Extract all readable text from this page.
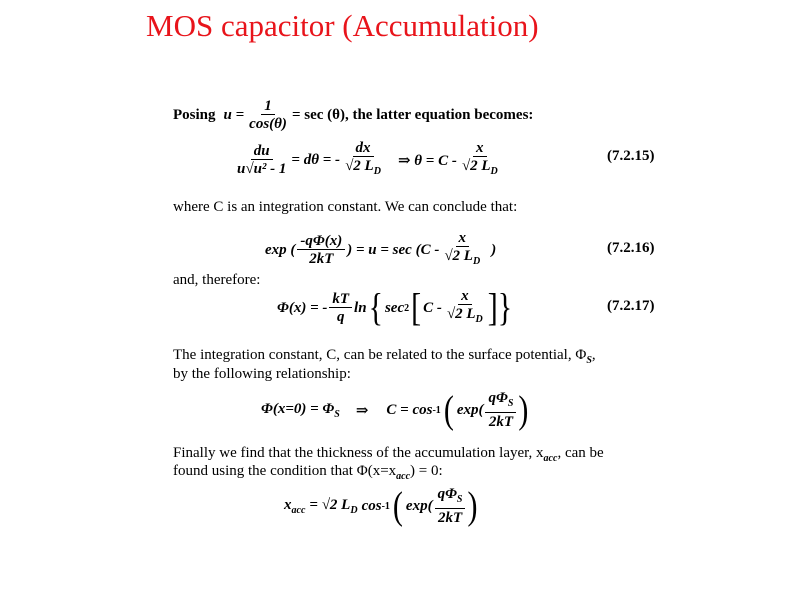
MOS capacitor (Accumulation)
Posing $u = \frac{1}{\cos(\theta)} = \sec (\theta)$, the latter equation becomes:
$\frac{du}{\text{u√u² - 1}} = d\theta$ = - $\frac{dx}{√2 L_D}$ ⇒ $\theta = C - \frac{x}{√2 L_D}$	(7.2.15)
where C is an integration constant. We can conclude that:
exp ( $\frac{-q\Phi(x)}{2kT}$ ) = $u = \sec (C - \frac{x}{√2 L_D}$ )	(7.2.16)
and, therefore:
Φ(x) = - $\frac{kT}{q}$ ln { sec 2 [ C - $\frac{x}{√2 L_D}$ ] }	(7.2.17)
The integration constant, C, can be related to the surface potential, $\Phi_S$,
by the following relationship:
$\Phi(x=0) = \Phi_S$ ⇒ C = cos -1 ( $\exp( \frac{q\Phi_S}{2kT}$ )
Finally we find that the thickness of the accumulation layer, $x_{acc}$, can be
found using the condition that $\Phi(x=x_{acc}) = 0$:
$x_{acc} = √2$ $L_D$ cos -1 ( $\exp( \frac{q\Phi_S}{2kT}$ )
